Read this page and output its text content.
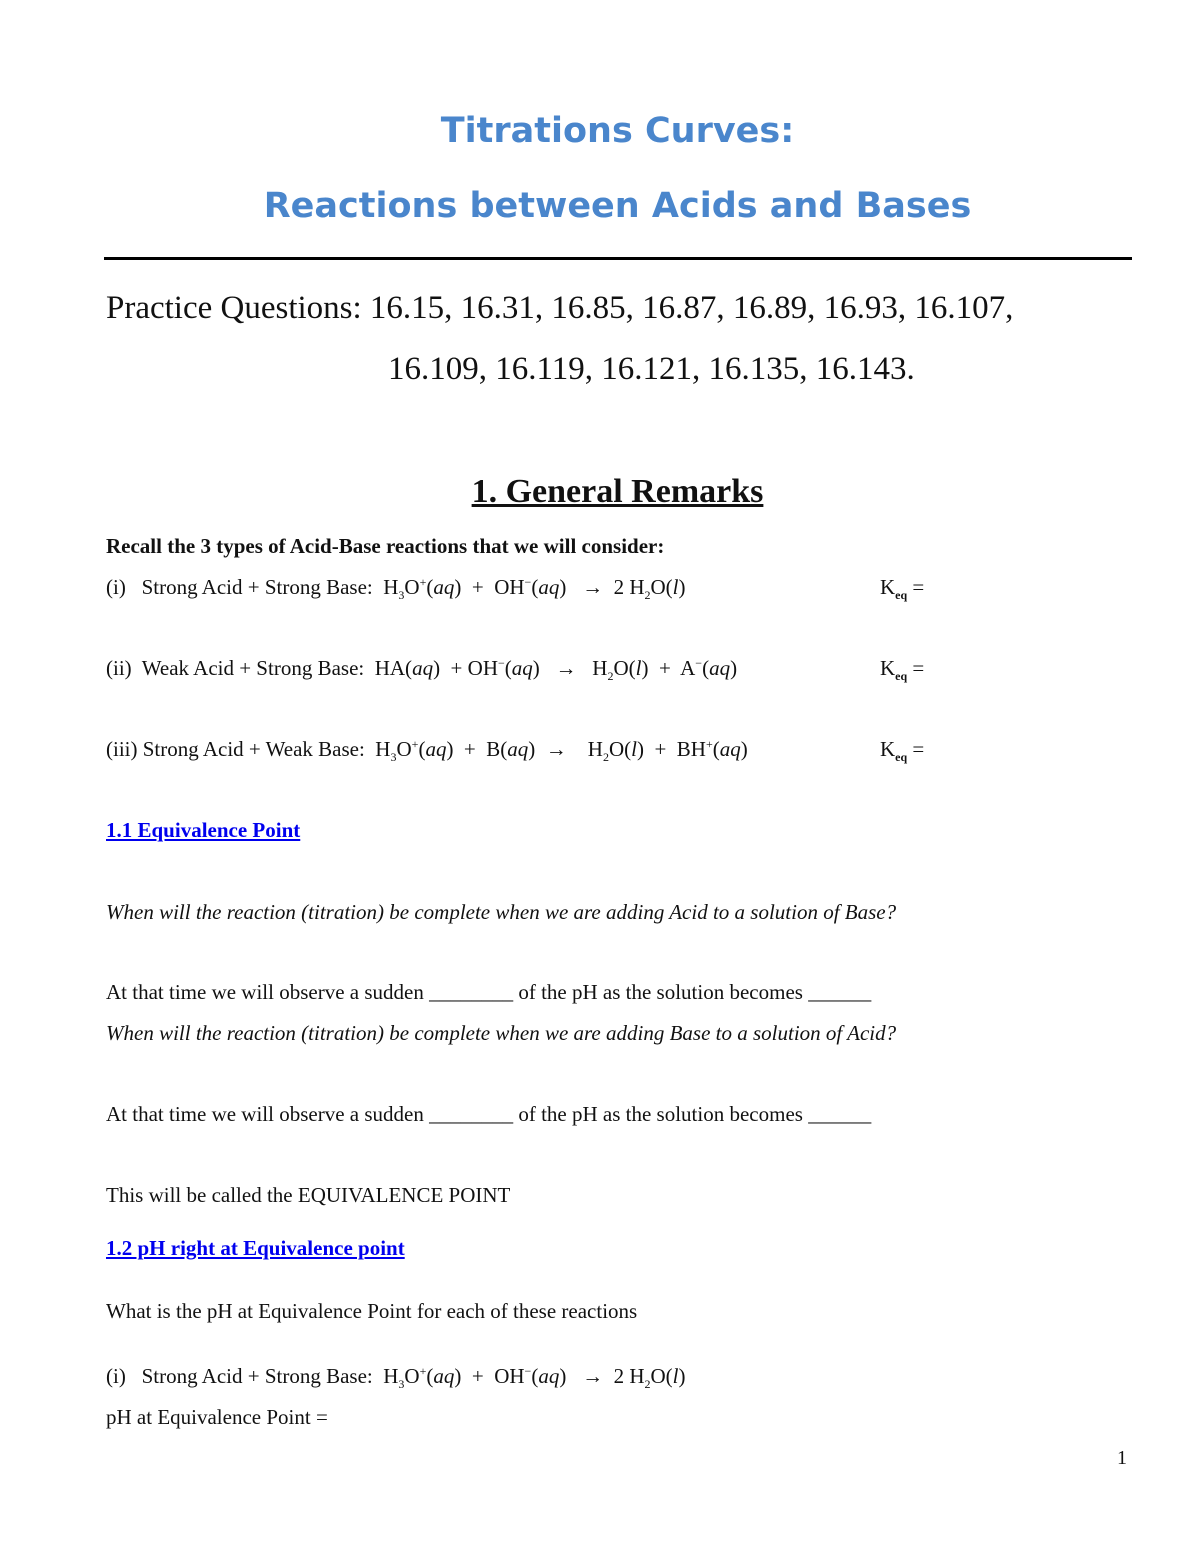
Titrations Curves:
Reactions between Acids and Bases
Practice Questions: 16.15, 16.31, 16.85, 16.87, 16.89, 16.93, 16.107,
16.109, 16.119, 16.121, 16.135, 16.143.
1. General Remarks
Recall the 3 types of Acid-Base reactions that we will consider:
(i)   Strong Acid + Strong Base:  $H_3O^+(aq) + OH^-(aq) \to 2$ $H_2O(l)$	$K_{eq}$ =
(ii)  Weak Acid + Strong Base:  $HA(aq) + OH^-(aq) \to H_2O(l) + A^-(aq)$	$K_{eq}$ =
(iii) Strong Acid + Weak Base:  $H_3O^+(aq) + B(aq)$  →    $H_2O(l) + BH^+(aq)$	$K_{eq}$ =
1.1 Equivalence Point
When will the reaction (titration) be complete when we are adding Acid to a solution of Base?
At that time we will observe a sudden ________ of the pH as the solution becomes ______
When will the reaction (titration) be complete when we are adding Base to a solution of Acid?
At that time we will observe a sudden ________ of the pH as the solution becomes ______
This will be called the EQUIVALENCE POINT
1.2 pH right at Equivalence point
What is the pH at Equivalence Point for each of these reactions
(i)   Strong Acid + Strong Base:  $H_3O^+(aq) + OH^-(aq) \to 2$ $H_2O(l)$
pH at Equivalence Point =
1
